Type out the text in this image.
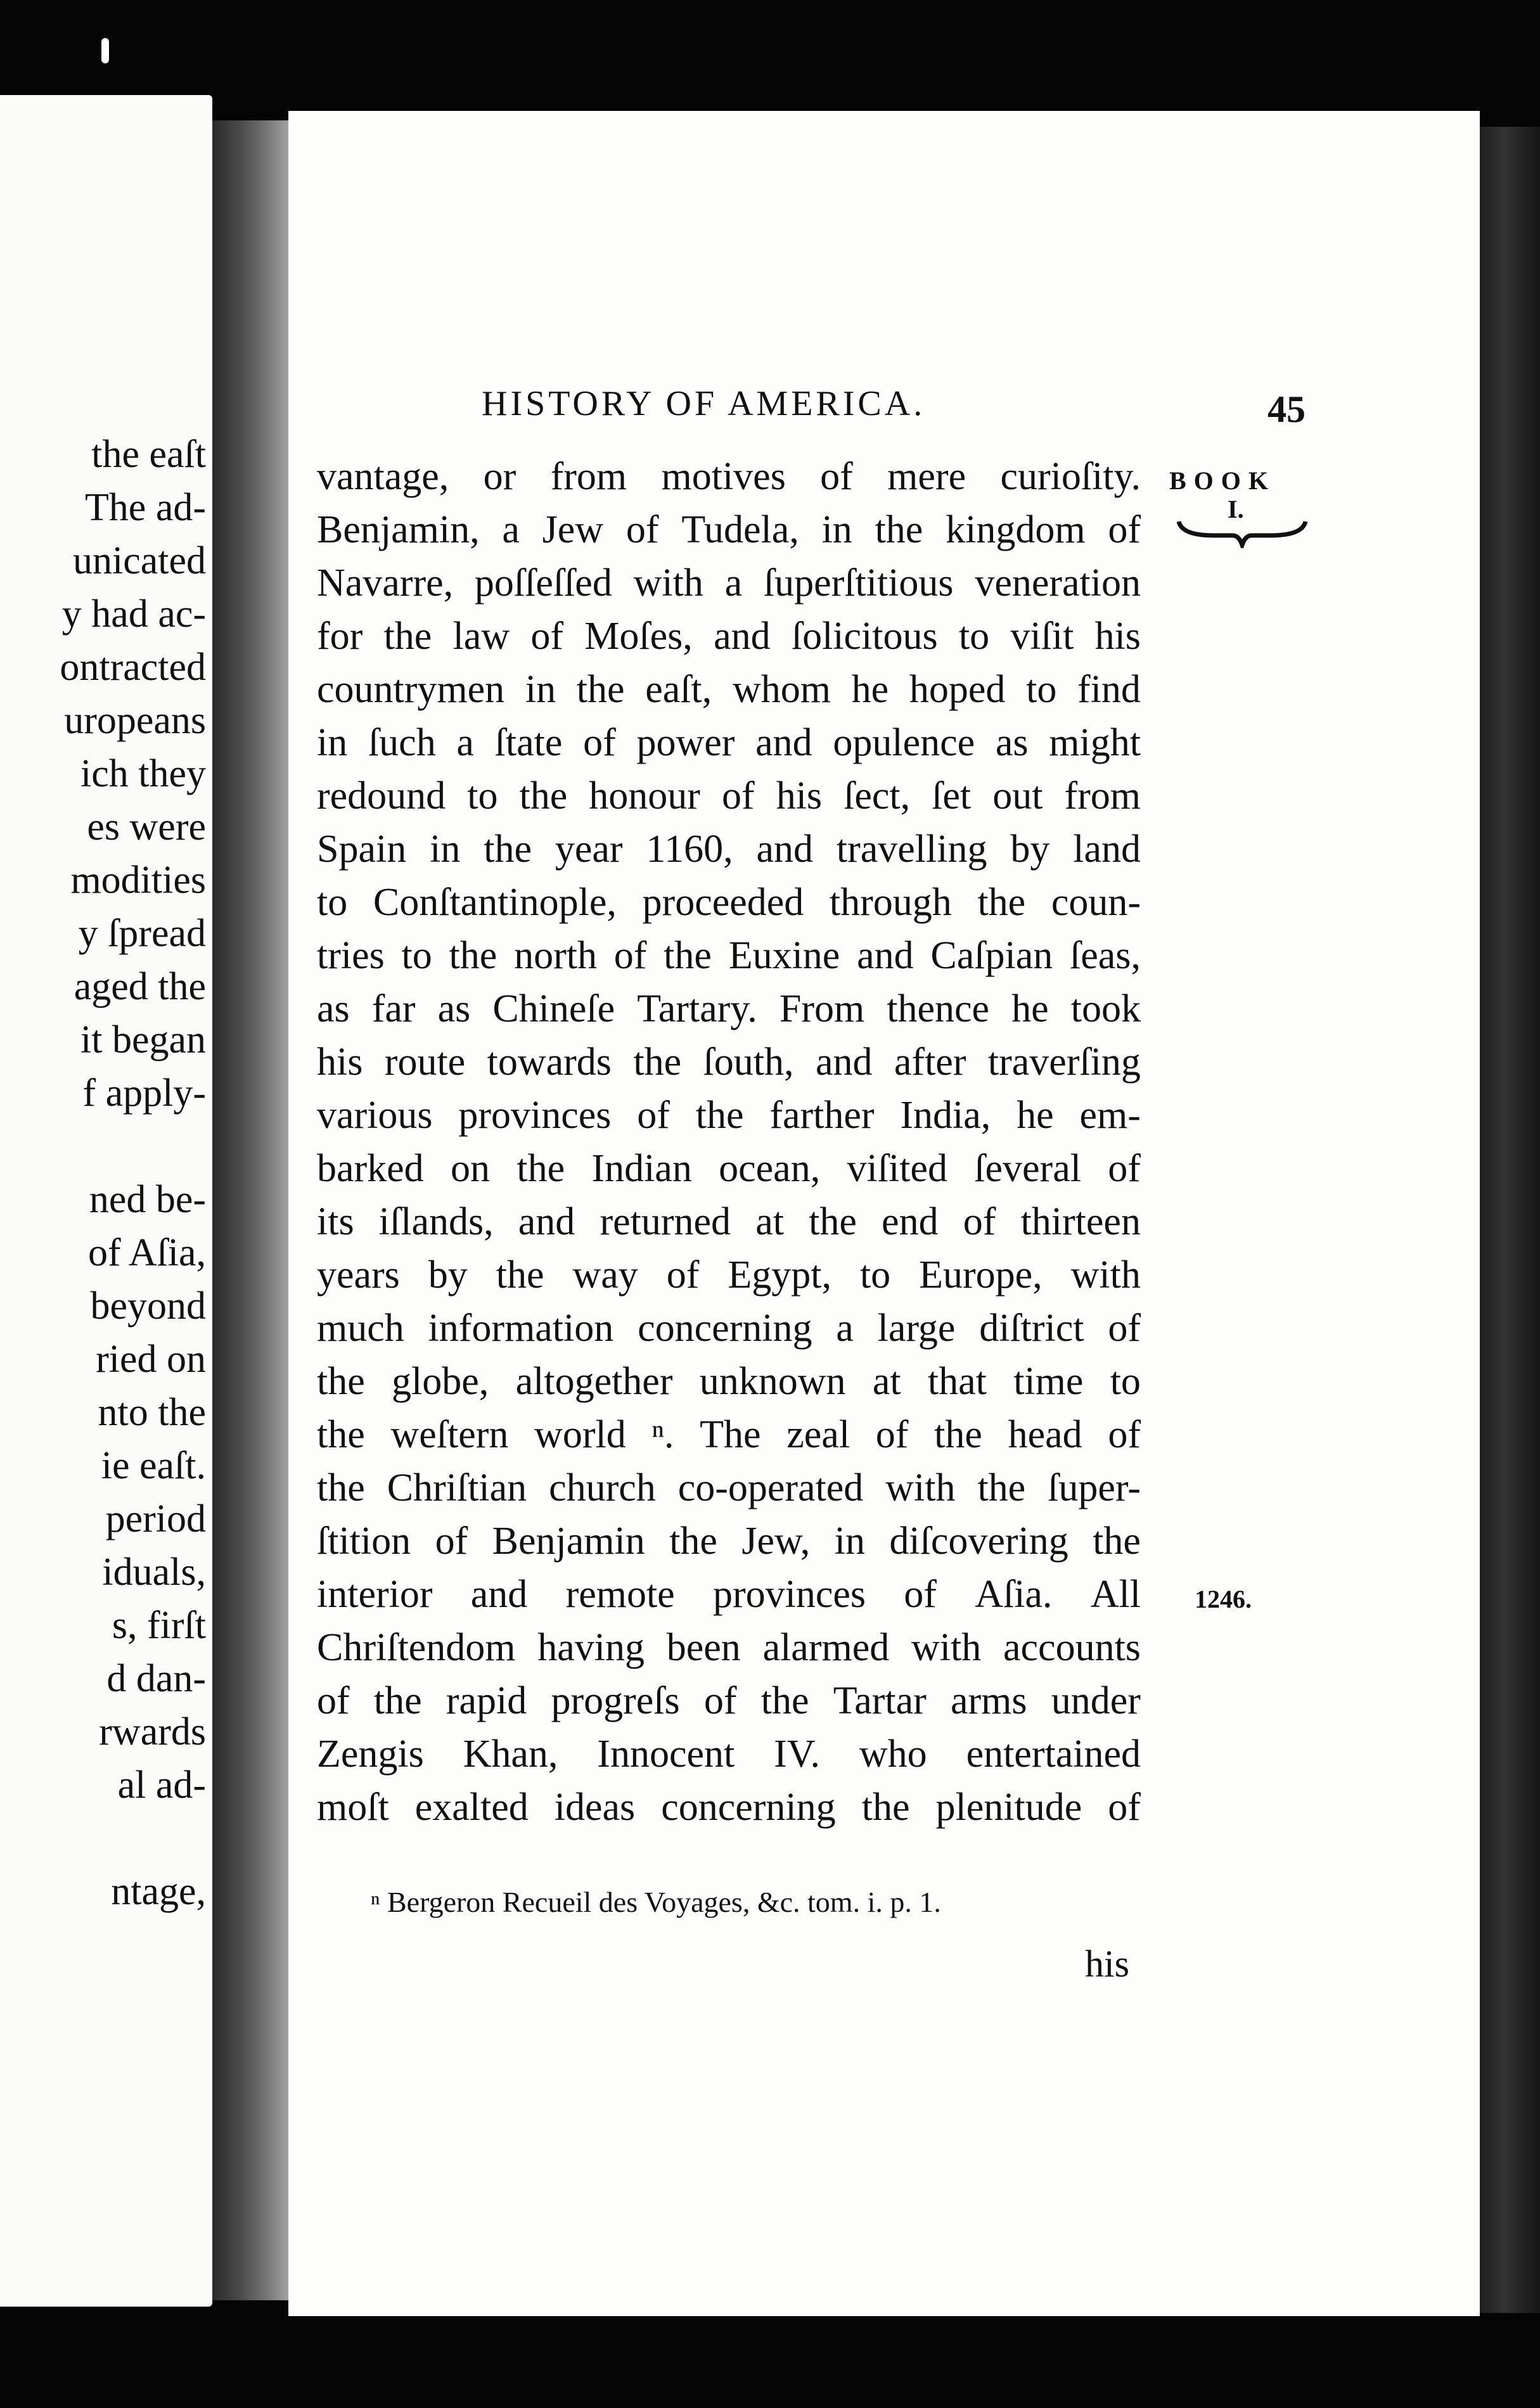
the eaſt
The ad-
unicated
y had ac-
ontracted
uropeans
ich they
es were
modities
y ſpread
aged the
it began
f apply-
ned be-
of Aſia,
beyond
ried on
nto the
ie eaſt.
period
iduals,
s, firſt
d dan-
rwards
al ad-
ntage,
HISTORY OF AMERICA.	45
BOOK
I.
1246.
vantage, or from motives of mere curioſity.
Benjamin, a Jew of Tudela, in the kingdom of
Navarre, poſſeſſed with a ſuperſtitious veneration
for the law of Moſes, and ſolicitous to viſit his
countrymen in the eaſt, whom he hoped to find
in ſuch a ſtate of power and opulence as might
redound to the honour of his ſect, ſet out from
Spain in the year 1160, and travelling by land
to Conſtantinople, proceeded through the coun-
tries to the north of the Euxine and Caſpian ſeas,
as far as Chineſe Tartary. From thence he took
his route towards the ſouth, and after traverſing
various provinces of the farther India, he em-
barked on the Indian ocean, viſited ſeveral of
its iſlands, and returned at the end of thirteen
years by the way of Egypt, to Europe, with
much information concerning a large diſtrict of
the globe, altogether unknown at that time to
the weſtern world ⁿ. The zeal of the head of
the Chriſtian church co-operated with the ſuper-
ſtition of Benjamin the Jew, in diſcovering the
interior and remote provinces of Aſia. All
Chriſtendom having been alarmed with accounts
of the rapid progreſs of the Tartar arms under
Zengis Khan, Innocent IV. who entertained
moſt exalted ideas concerning the plenitude of
ⁿ Bergeron Recueil des Voyages, &c. tom. i. p. 1.
his
